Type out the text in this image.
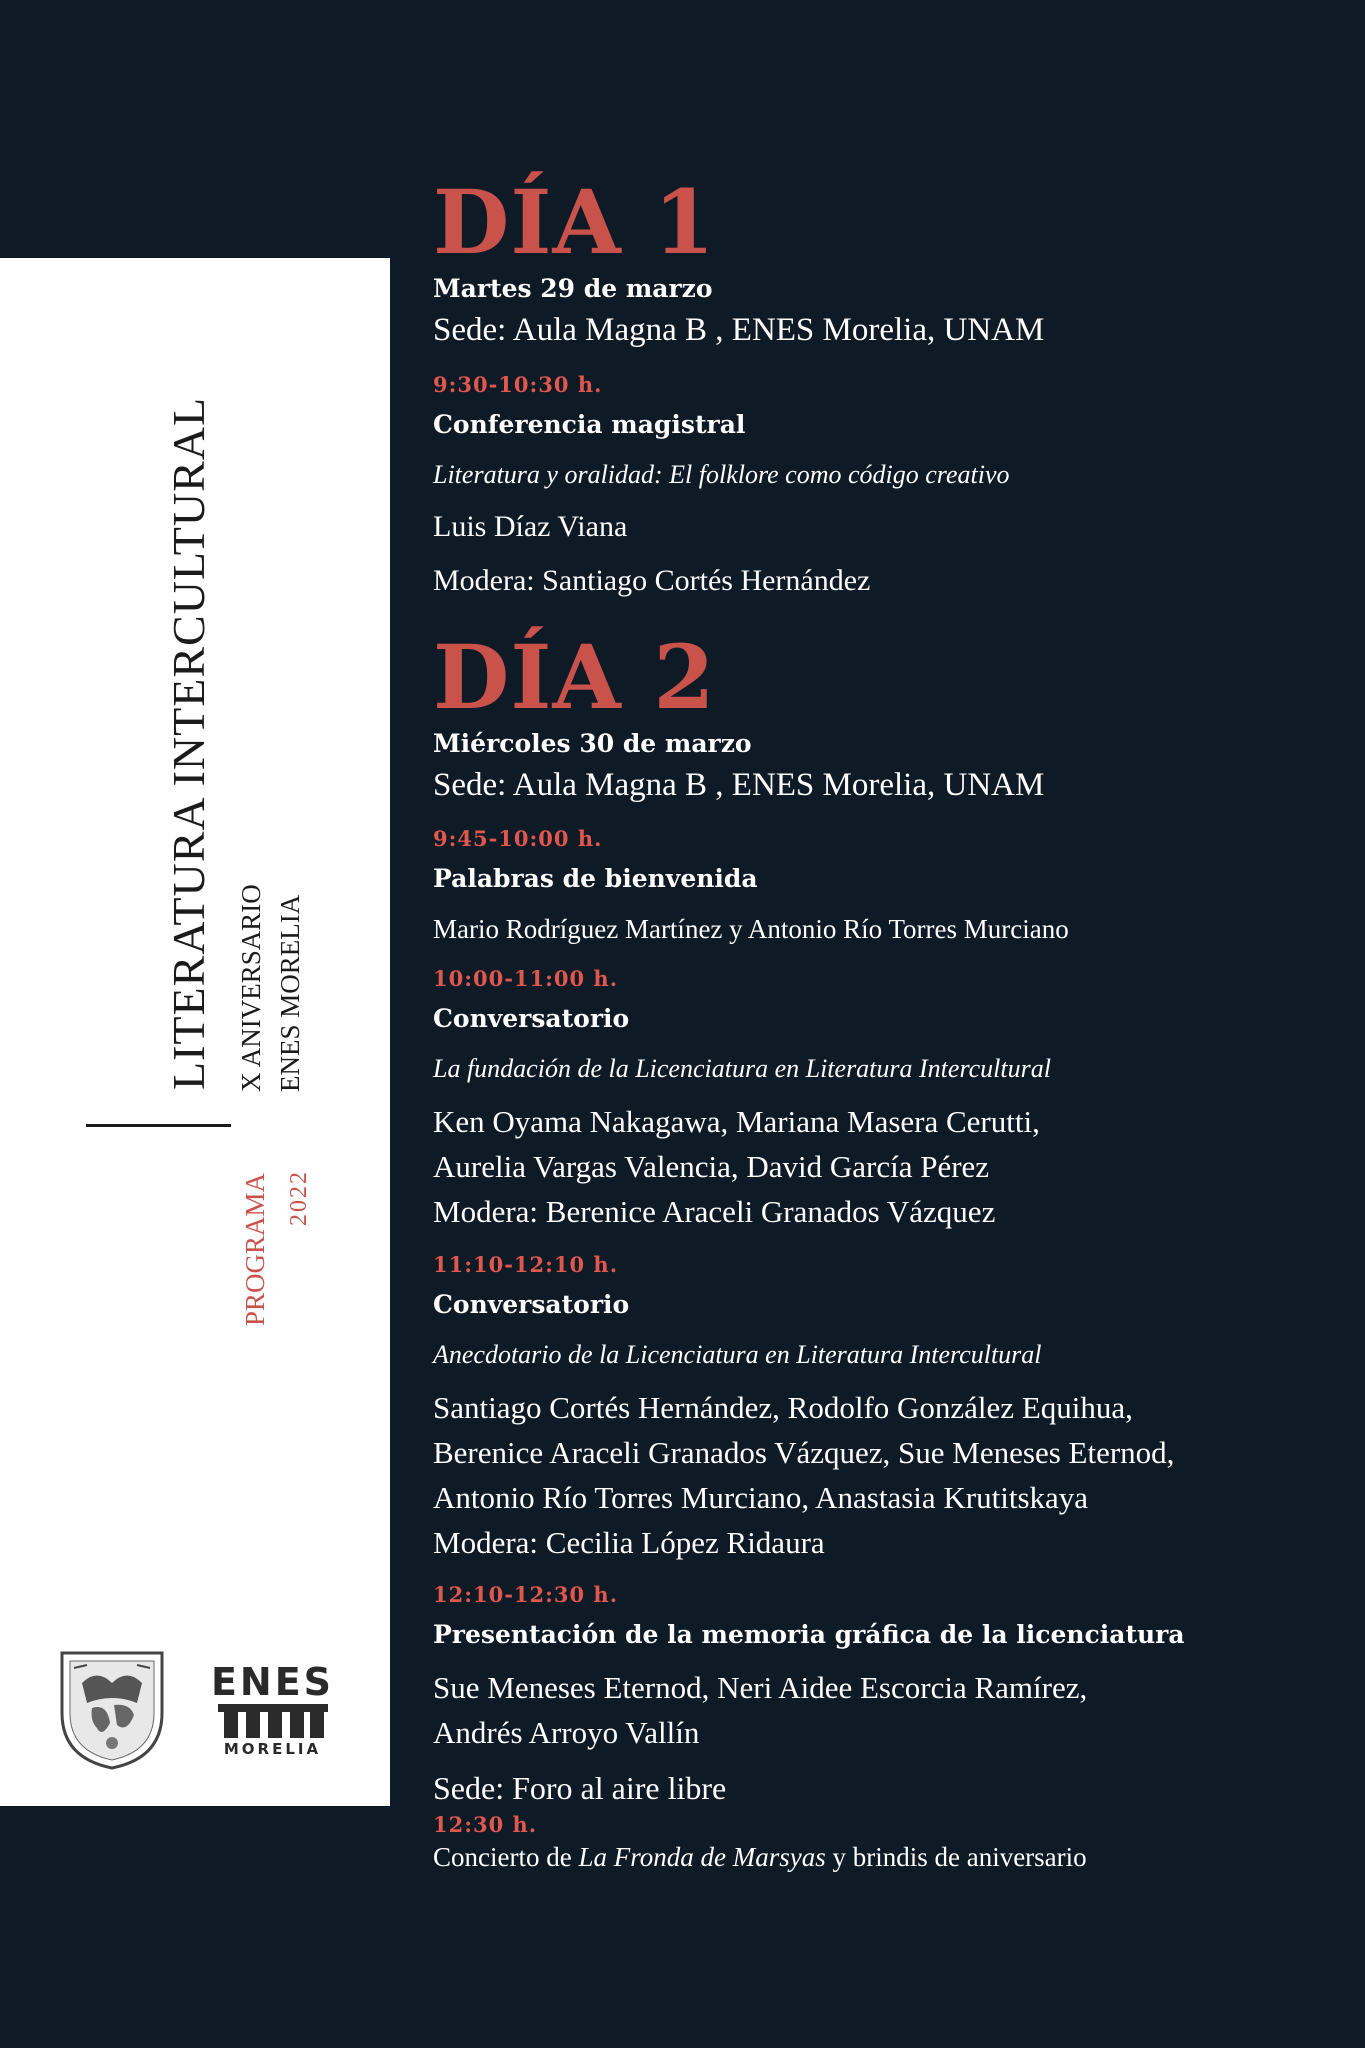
LITERATURA INTERCULTURAL X ANIVERSARIO ENES MORELIA
PROGRAMA 2022
ENES
MORELIA
DÍA 1
Martes 29 de marzo
Sede: Aula Magna B , ENES Morelia, UNAM
9:30-10:30 h.
Conferencia magistral
Literatura y oralidad: El folklore como código creativo
Luis Díaz Viana
Modera: Santiago Cortés Hernández
DÍA 2
Miércoles 30 de marzo
Sede: Aula Magna B , ENES Morelia, UNAM
9:45-10:00 h.
Palabras de bienvenida
Mario Rodríguez Martínez y Antonio Río Torres Murciano
10:00-11:00 h.
Conversatorio
La fundación de la Licenciatura en Literatura Intercultural
Ken Oyama Nakagawa, Mariana Masera Cerutti,
Aurelia Vargas Valencia, David García Pérez
Modera: Berenice Araceli Granados Vázquez
11:10-12:10 h.
Conversatorio
Anecdotario de la Licenciatura en Literatura Intercultural
Santiago Cortés Hernández, Rodolfo González Equihua,
Berenice Araceli Granados Vázquez, Sue Meneses Eternod,
Antonio Río Torres Murciano, Anastasia Krutitskaya
Modera: Cecilia López Ridaura
12:10-12:30 h.
Presentación de la memoria gráfica de la licenciatura
Sue Meneses Eternod, Neri Aidee Escorcia Ramírez,
Andrés Arroyo Vallín
Sede: Foro al aire libre
12:30 h.
Concierto de La Fronda de Marsyas y brindis de aniversario
